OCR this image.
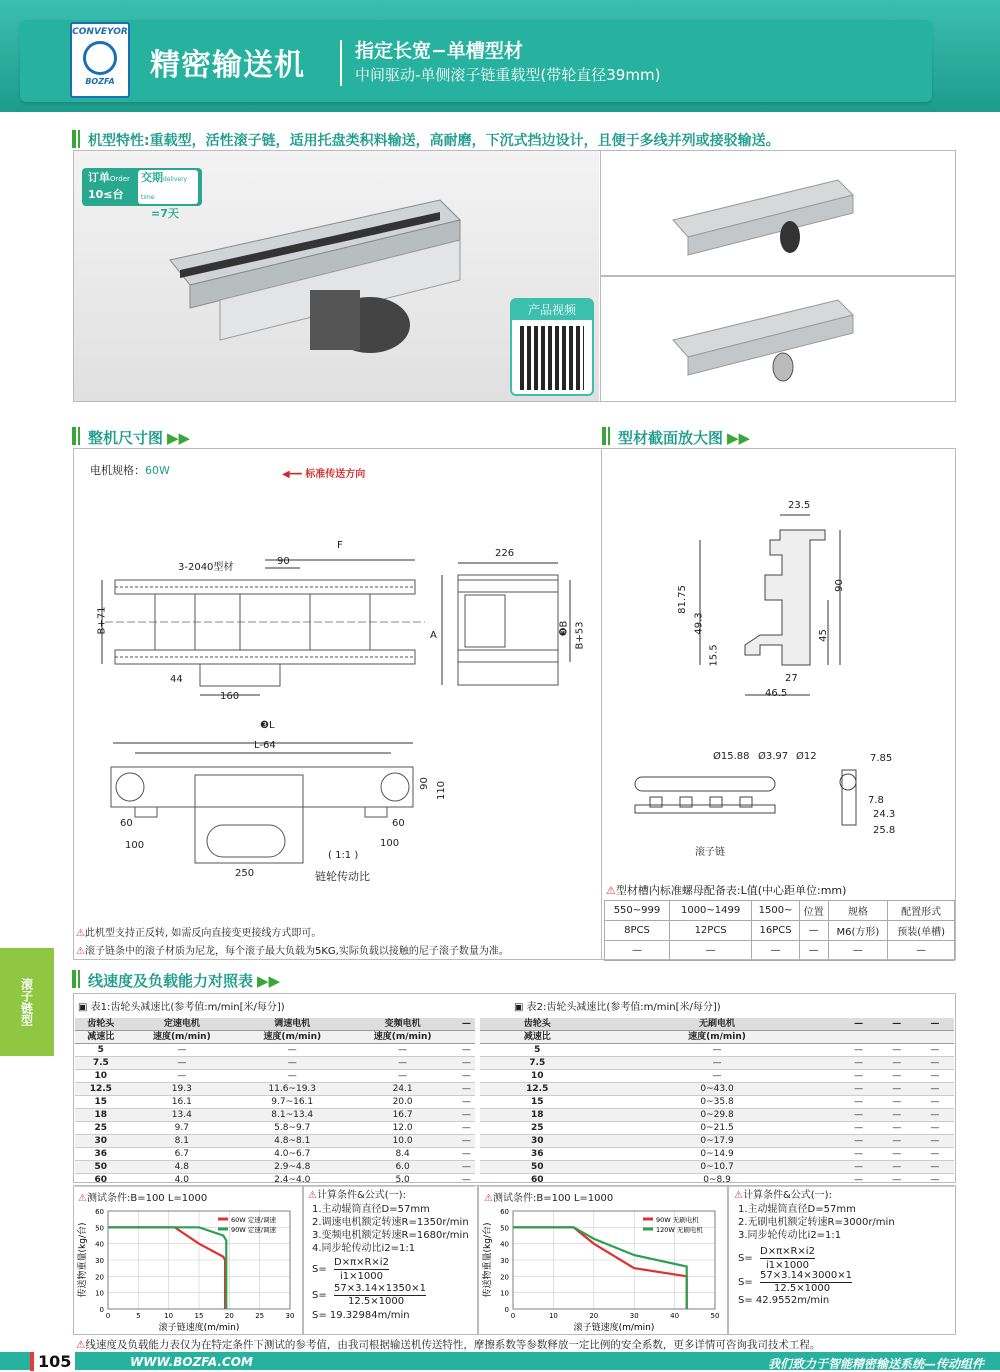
CONVEYOR
BOZFA	精密输送机	指定长宽−单槽型材
中间驱动-单侧滚子链重载型(带轮直径39mm)
机型特性:重载型，活性滚子链，适用托盘类积料输送，高耐磨，下沉式挡边设计，且便于多线并列或接驳输送。
订单Order
10≤台
交期delivery time
=7天
产品视频
整机尺寸图 ▶▶	型材截面放大图 ▶▶
电机规格：60W	◀━━ 标准传送方向
3-2040型材
90
F
B+71
44
160
226
A	❸B B+53
❸L
L-64
90 110
60
100
250
60
100
( 1:1 )
链轮传动比
23.5
81.75
49.3
15.5
90
45
27
46.5
Ø15.88 Ø3.97 Ø12	7.85
7.8
24.3
25.8
滚子链
⚠型材槽内标准螺母配备表:L值(中心距单位:mm)
550~999	1000~1499	1500~	位置	规格	配置形式
8PCS	12PCS	16PCS	—	M6(方形)	预装(单槽)
—	—	—	—	—	—
⚠此机型支持正反转, 如需反向直接变更接线方式即可。
⚠滚子链条中的滚子材质为尼龙，每个滚子最大负载为5KG,实际负载以接触的尼子滚子数量为准。
滚子链型	线速度及负载能力对照表 ▶▶
▣ 表1:齿轮头减速比(参考值:m/min[米/每分])	▣ 表2:齿轮头减速比(参考值:m/min[米/每分])
齿轮头	定速电机	调速电机	变频电机	—
减速比	速度(m/min)	速度(m/min)	速度(m/min)	
5	—	—	—	—
7.5	—	—	—	—
10	—	—	—	—
12.5	19.3	11.6~19.3	24.1	—
15	16.1	9.7~16.1	20.0	—
18	13.4	8.1~13.4	16.7	—
25	9.7	5.8~9.7	12.0	—
30	8.1	4.8~8.1	10.0	—
36	6.7	4.0~6.7	8.4	—
50	4.8	2.9~4.8	6.0	—
60	4.0	2.4~4.0	5.0	—
齿轮头	无刷电机	—	—	—
减速比	速度(m/min)			
5	—	—	—	—
7.5	—	—	—	—
10	—	—	—	—
12.5	0~43.0	—	—	—
15	0~35.8	—	—	—
18	0~29.8	—	—	—
25	0~21.5	—	—	—
30	0~17.9	—	—	—
36	0~14.9	—	—	—
50	0~10.7	—	—	—
60	0~8.9	—	—	—
⚠测试条件:B=100 L=1000	⚠测试条件:B=100 L=1000
0
10
20
30
40
50
60
0	5	10	15	20	25	30
60W 定速/调速
90W 定速/调速
滚子链速度(m/min)
传送物重量(kg/台)
0
10
20
30
40
50
60
0	10	20	30	40	50
90W 无刷电机
120W 无刷电机
滚子链速度(m/min)
传送物重量(kg/台)
⚠计算条件&公式(一):
1.主动辊筒直径D=57mm
2.调速电机额定转速R=1350r/min
3.变频电机额定转速R=1680r/min
4.同步轮传动比i2=1:1
S=
D×π×R×i2
i1×1000
S=
57×3.14×1350×1
12.5×1000
S= 19.32984m/min
⚠计算条件&公式(一):
1.主动辊筒直径D=57mm
2.无刷电机额定转速R=3000r/min
3.同步轮传动比i2=1:1
S=
D×π×R×i2
i1×1000
S=
57×3.14×3000×1
12.5×1000
S= 42.9552m/min
⚠线速度及负载能力表仅为在特定条件下测试的参考值，由我司根据输送机传送特性，摩擦系数等参数释放一定比例的安全系数，更多详情可咨询我司技术工程。
105	WWW.BOZFA.COM	我们致力于智能精密输送系统—传动组件
